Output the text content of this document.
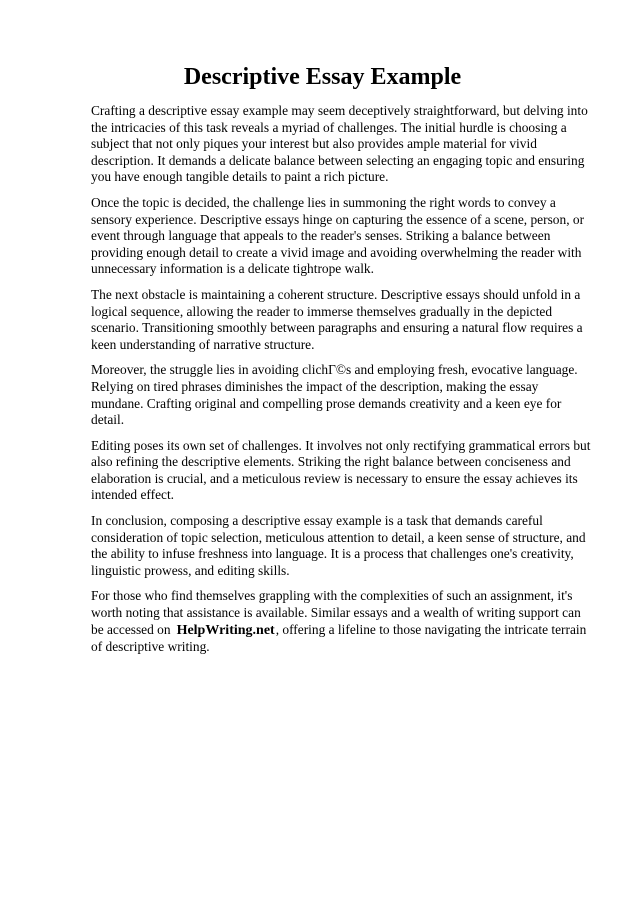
Descriptive Essay Example

Crafting a descriptive essay example may seem deceptively straightforward, but delving into the intricacies of this task reveals a myriad of challenges. The initial hurdle is choosing a subject that not only piques your interest but also provides ample material for vivid description. It demands a delicate balance between selecting an engaging topic and ensuring you have enough tangible details to paint a rich picture.

Once the topic is decided, the challenge lies in summoning the right words to convey a sensory experience. Descriptive essays hinge on capturing the essence of a scene, person, or event through language that appeals to the reader's senses. Striking a balance between providing enough detail to create a vivid image and avoiding overwhelming the reader with unnecessary information is a delicate tightrope walk.

The next obstacle is maintaining a coherent structure. Descriptive essays should unfold in a logical sequence, allowing the reader to immerse themselves gradually in the depicted scenario. Transitioning smoothly between paragraphs and ensuring a natural flow requires a keen understanding of narrative structure.

Moreover, the struggle lies in avoiding clichГ©s and employing fresh, evocative language. Relying on tired phrases diminishes the impact of the description, making the essay mundane. Crafting original and compelling prose demands creativity and a keen eye for detail.

Editing poses its own set of challenges. It involves not only rectifying grammatical errors but also refining the descriptive elements. Striking the right balance between conciseness and elaboration is crucial, and a meticulous review is necessary to ensure the essay achieves its intended effect.

In conclusion, composing a descriptive essay example is a task that demands careful consideration of topic selection, meticulous attention to detail, a keen sense of structure, and the ability to infuse freshness into language. It is a process that challenges one's creativity, linguistic prowess, and editing skills.

For those who find themselves grappling with the complexities of such an assignment, it's worth noting that assistance is available. Similar essays and a wealth of writing support can be accessed on HelpWriting.net, offering a lifeline to those navigating the intricate terrain of descriptive writing.
